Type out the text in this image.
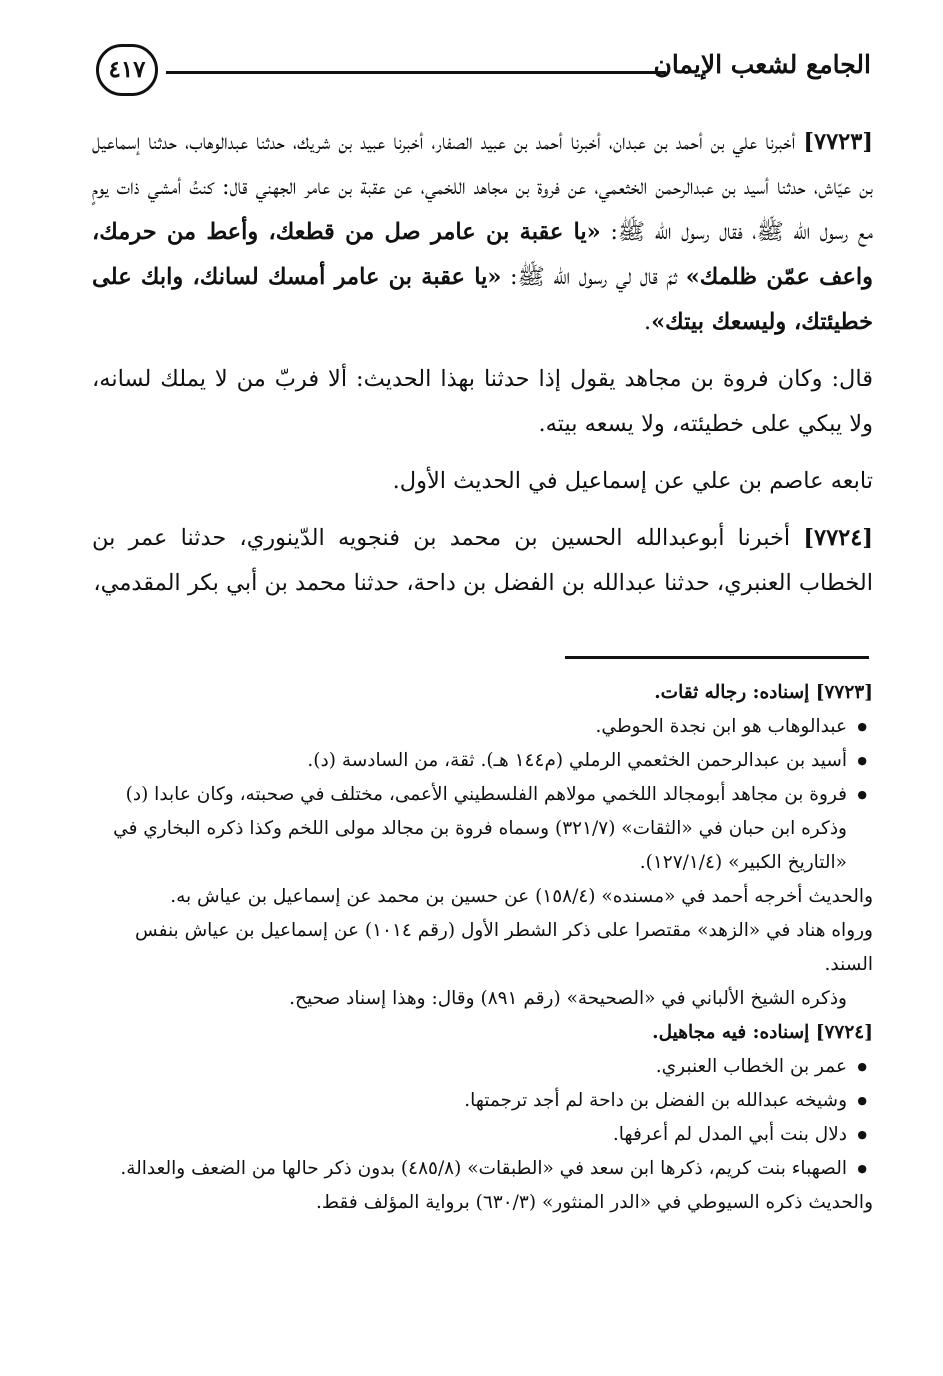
الجامع لشعب الإيمان
٤١٧

[٧٧٢٣] أخبرنا علي بن أحمد بن عبدان، أخبرنا أحمد بن عبيد الصفار، أخبرنا عبيد بن شريك، حدثنا عبدالوهاب، حدثنا إسماعيل بن عيّاش، حدثنا أسيد بن عبدالرحمن الخثعمي، عن فروة بن مجاهد اللخمي، عن عقبة بن عامر الجهني قال: كنتُ أمشي ذات يومٍ مع رسول الله ﷺ، فقال رسول الله ﷺ: «يا عقبة بن عامر صل من قطعك، وأعط من حرمك، واعف عمّن ظلمك» ثمّ قال لي رسول الله ﷺ: «يا عقبة بن عامر أمسك لسانك، وابك على خطيئتك، وليسعك بيتك».

قال: وكان فروة بن مجاهد يقول إذا حدثنا بهذا الحديث: ألا فربّ من لا يملك لسانه، ولا يبكي على خطيئته، ولا يسعه بيته.

تابعه عاصم بن علي عن إسماعيل في الحديث الأول.

[٧٧٢٤] أخبرنا أبوعبدالله الحسين بن محمد بن فنجويه الدّينوري، حدثنا عمر بن الخطاب العنبري، حدثنا عبدالله بن الفضل بن داحة، حدثنا محمد بن أبي بكر المقدمي،

[٧٧٢٣] إسناده: رجاله ثقات.

● عبدالوهاب هو ابن نجدة الحوطي.
● أسيد بن عبدالرحمن الخثعمي الرملي (م١٤٤ هـ). ثقة، من السادسة (د).
● فروة بن مجاهد أبومجالد اللخمي مولاهم الفلسطيني الأعمى، مختلف في صحبته، وكان عابدا (د) وذكره ابن حبان في «الثقات» (٣٢١/٧) وسماه فروة بن مجالد مولى اللخم وكذا ذكره البخاري في «التاريخ الكبير» (١٢٧/١/٤).

والحديث أخرجه أحمد في «مسنده» (١٥٨/٤) عن حسين بن محمد عن إسماعيل بن عياش به.

ورواه هناد في «الزهد» مقتصرا على ذكر الشطر الأول (رقم ١٠١٤) عن إسماعيل بن عياش بنفس السند.

وذكره الشيخ الألباني في «الصحيحة» (رقم ٨٩١) وقال: وهذا إسناد صحيح.

[٧٧٢٤] إسناده: فيه مجاهيل.

● عمر بن الخطاب العنبري.
● وشيخه عبدالله بن الفضل بن داحة لم أجد ترجمتها.
● دلال بنت أبي المدل لم أعرفها.
● الصهباء بنت كريم، ذكرها ابن سعد في «الطبقات» (٤٨٥/٨) بدون ذكر حالها من الضعف والعدالة.

والحديث ذكره السيوطي في «الدر المنثور» (٦٣٠/٣) برواية المؤلف فقط.
